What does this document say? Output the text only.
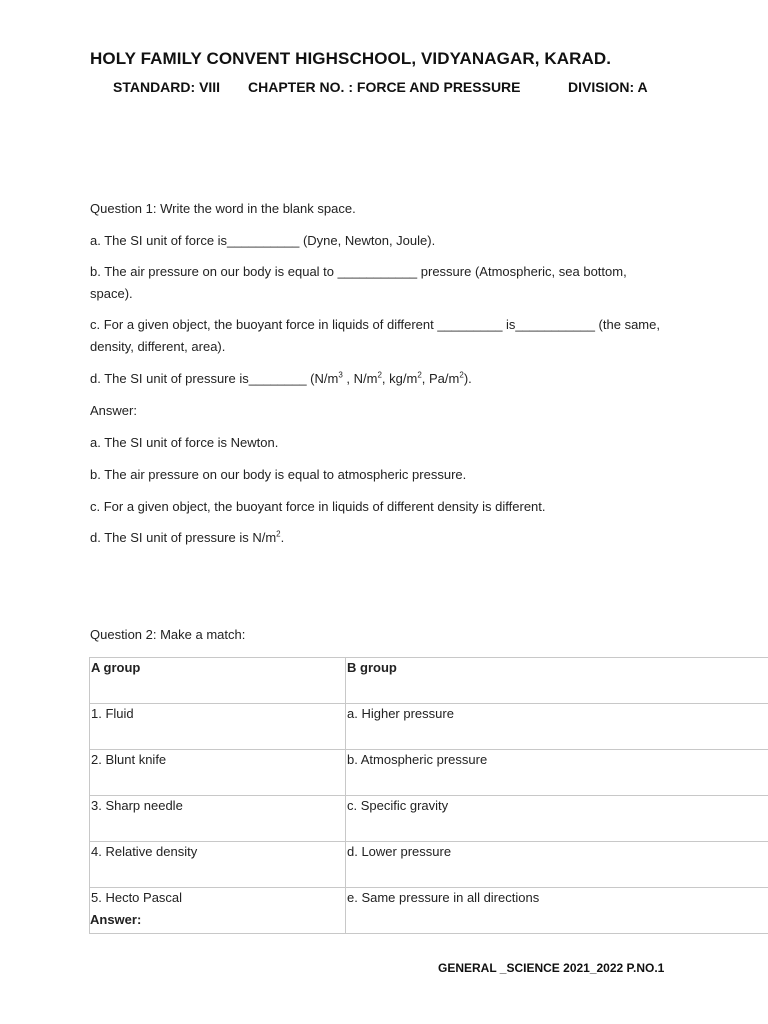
HOLY FAMILY CONVENT HIGHSCHOOL, VIDYANAGAR, KARAD.
STANDARD: VIII CHAPTER NO. : FORCE AND PRESSURE	DIVISION: A
Question 1: Write the word in the blank space.
a. The SI unit of force is__________ (Dyne, Newton, Joule).
b. The air pressure on our body is equal to ___________ pressure (Atmospheric, sea bottom, space).
c. For a given object, the buoyant force in liquids of different _________ is___________ (the same, density, different, area).
d. The SI unit of pressure is________ ($N/m^3$ , $N/m^2$, $kg/m^2$, $Pa/m^2$).
Answer:
a. The SI unit of force is Newton.
b. The air pressure on our body is equal to atmospheric pressure.
c. For a given object, the buoyant force in liquids of different density is different.
d. The SI unit of pressure is $N/m^2$.
Question 2: Make a match:
A group	B group
1. Fluid	a. Higher pressure
2. Blunt knife	b. Atmospheric pressure
3. Sharp needle	c. Specific gravity
4. Relative density	d. Lower pressure
5. Hecto Pascal	e. Same pressure in all directions
Answer:
GENERAL _SCIENCE 2021_2022 P.NO.1
